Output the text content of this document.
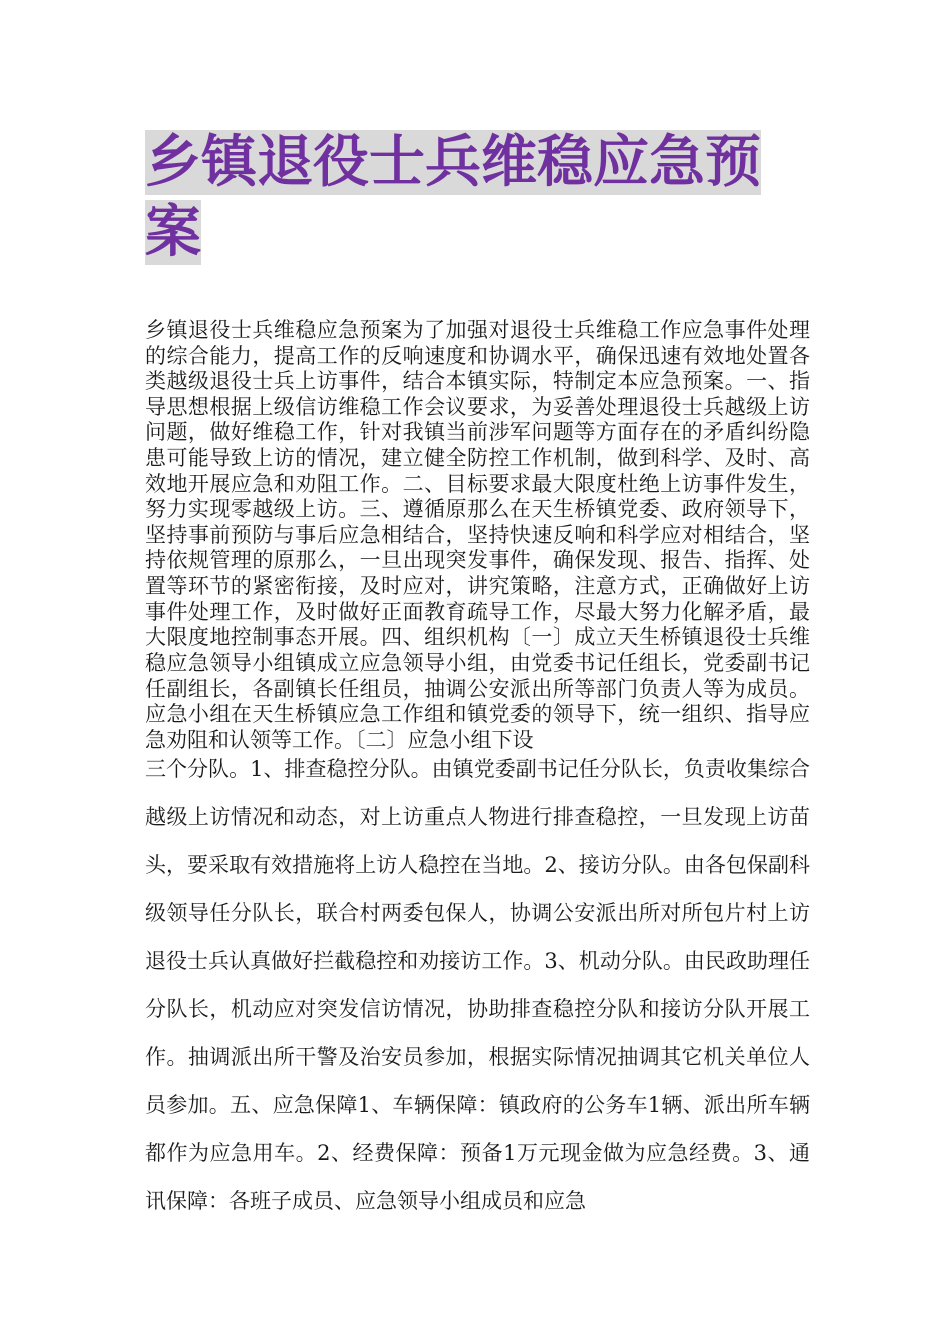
乡镇退役士兵维稳应急预案
乡镇退役士兵维稳应急预案为了加强对退役士兵维稳工作应急事件处理的综合能力，提高工作的反响速度和协调水平，确保迅速有效地处置各类越级退役士兵上访事件，结合本镇实际，特制定本应急预案。一、指导思想根据上级信访维稳工作会议要求，为妥善处理退役士兵越级上访问题，做好维稳工作，针对我镇当前涉军问题等方面存在的矛盾纠纷隐患可能导致上访的情况，建立健全防控工作机制，做到科学、及时、高效地开展应急和劝阻工作。二、目标要求最大限度杜绝上访事件发生，努力实现零越级上访。三、遵循原那么在天生桥镇党委、政府领导下，坚持事前预防与事后应急相结合，坚持快速反响和科学应对相结合，坚持依规管理的原那么，一旦出现突发事件，确保发现、报告、指挥、处置等环节的紧密衔接，及时应对，讲究策略，注意方式，正确做好上访事件处理工作，及时做好正面教育疏导工作，尽最大努力化解矛盾，最大限度地控制事态开展。四、组织机构〔一〕成立天生桥镇退役士兵维稳应急领导小组镇成立应急领导小组，由党委书记任组长，党委副书记任副组长，各副镇长任组员，抽调公安派出所等部门负责人等为成员。应急小组在天生桥镇应急工作组和镇党委的领导下，统一组织、指导应急劝阻和认领等工作。〔二〕应急小组下设
三个分队。1、排查稳控分队。由镇党委副书记任分队长，负责收集综合越级上访情况和动态，对上访重点人物进行排查稳控，一旦发现上访苗头，要采取有效措施将上访人稳控在当地。2、接访分队。由各包保副科级领导任分队长，联合村两委包保人，协调公安派出所对所包片村上访退役士兵认真做好拦截稳控和劝接访工作。3、机动分队。由民政助理任分队长，机动应对突发信访情况，协助排查稳控分队和接访分队开展工作。抽调派出所干警及治安员参加，根据实际情况抽调其它机关单位人员参加。五、应急保障1、车辆保障：镇政府的公务车1辆、派出所车辆都作为应急用车。2、经费保障：预备1万元现金做为应急经费。3、通讯保障：各班子成员、应急领导小组成员和应急
